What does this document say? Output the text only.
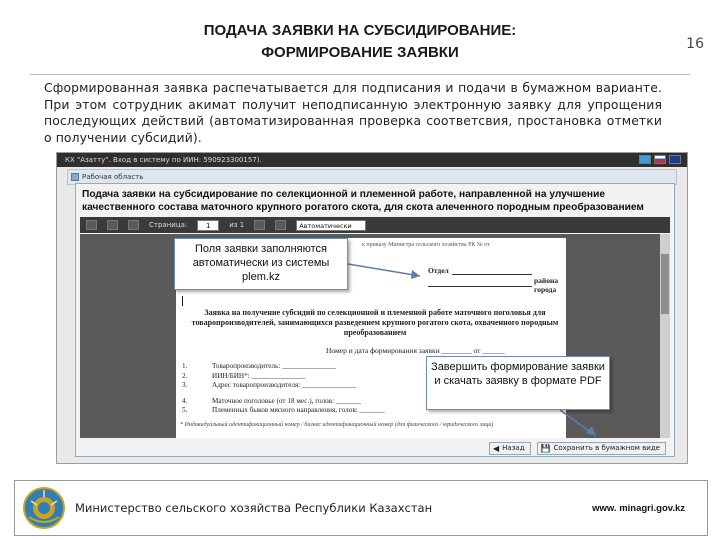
ПОДАЧА ЗАЯВКИ НА СУБСИДИРОВАНИЕ:
ФОРМИРОВАНИЕ ЗАЯВКИ	16
Сформированная заявка распечатывается для подписания и подачи в бумажном варианте. При этом сотрудник акимат получит неподписанную электронную заявку для упрощения последующих действий (автоматизированная проверка соответсвия, простановка отметки о получении субсидий).
КХ "Азатту". Вход в систему по ИИН: 590923300157).
Рабочая область
Подача заявки на субсидирование по селекционной и племенной работе, направленной на улучшение качественного состава маточного крупного рогатого скота, для скота алеченного породным преобразованием
Страница:	1	из 1	Автоматически
к приказу Министра сельского хозяйства РК № от
Отдел
района
города
Заявка на получение субсидий по селекционной и племенной работе маточного поголовья для товаропроизводителей, занимающихся разведением крупного рогатого скота, охваченного породным преобразованием
Номер и дата формирования заявки ________ от ______
1.	Товаропроизводитель: _______________
2.	ИИН/БИН*: _______________
3.	Адрес товаропроизводителя: _______________
4.	Маточное поголовье (от 18 мес.), голов: _______
5.	Племенных быков мясного направления, голов: _______
* Индивидуальный идентификационный номер / бизнес идентификационный номер (для физического / юридического лица)
◀ Назад 💾 Сохранить в бумажном виде
Поля заявки заполняются автоматически из системы plem.kz
Завершить формирование заявки и скачать заявку в формате PDF
Министерство сельского хозяйства Республики Казахстан	www. minagri.gov.kz
